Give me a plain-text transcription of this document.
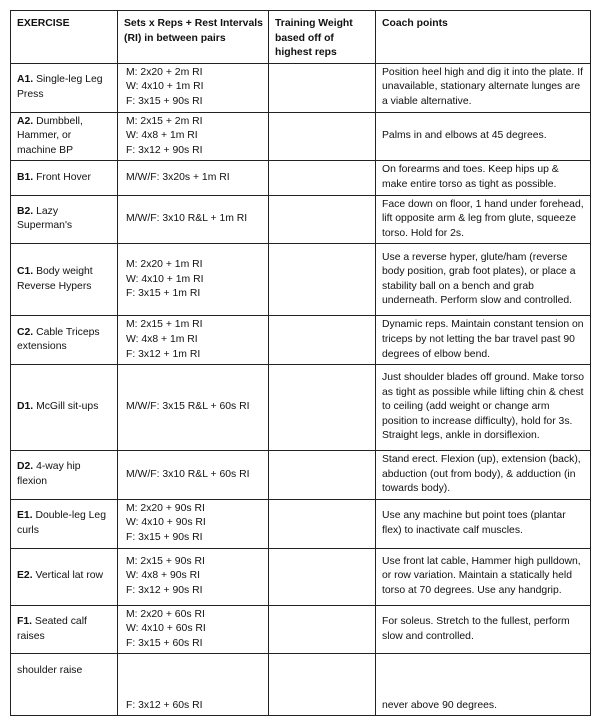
EXERCISE	Sets x Reps + Rest Intervals (RI) in between pairs	Training Weight based off of highest reps	Coach points
A1. Single-leg Leg Press	M: 2x20 + 2m RI
W: 4x10 + 1m RI
F: 3x15 + 90s RI		Position heel high and dig it into the plate. If unavailable, stationary alternate lunges are a viable alternative.
A2. Dumbbell, Hammer, or machine BP	M: 2x15 + 2m RI
W: 4x8 + 1m RI
F: 3x12 + 90s RI		Palms in and elbows at 45 degrees.
B1. Front Hover	M/W/F: 3x20s + 1m RI		On forearms and toes. Keep hips up & make entire torso as tight as possible.
B2. Lazy Superman's	M/W/F: 3x10 R&L + 1m RI		Face down on floor, 1 hand under forehead, lift opposite arm & leg from glute, squeeze torso. Hold for 2s.
C1. Body weight Reverse Hypers	M: 2x20 + 1m RI
W: 4x10 + 1m RI
F: 3x15 + 1m RI		Use a reverse hyper, glute/ham (reverse body position, grab foot plates), or place a stability ball on a bench and grab underneath. Perform slow and controlled.
C2. Cable Triceps extensions	M: 2x15 + 1m RI
W: 4x8 + 1m RI
F: 3x12 + 1m RI		Dynamic reps. Maintain constant tension on triceps by not letting the bar travel past 90 degrees of elbow bend.
D1. McGill sit-ups	M/W/F: 3x15 R&L + 60s RI		Just shoulder blades off ground. Make torso as tight as possible while lifting chin & chest to ceiling (add weight or change arm position to increase difficulty), hold for 3s. Straight legs, ankle in dorsiflexion.
D2. 4-way hip flexion	M/W/F: 3x10 R&L + 60s RI		Stand erect. Flexion (up), extension (back), abduction (out from body), & adduction (in towards body).
E1. Double-leg Leg curls	M: 2x20 + 90s RI
W: 4x10 + 90s RI
F: 3x15 + 90s RI		Use any machine but point toes (plantar flex) to inactivate calf muscles.
E2. Vertical lat row	M: 2x15 + 90s RI
W: 4x8 + 90s RI
F: 3x12 + 90s RI		Use front lat cable, Hammer high pulldown, or row variation. Maintain a statically held torso at 70 degrees. Use any handgrip.
F1. Seated calf raises	M: 2x20 + 60s RI
W: 4x10 + 60s RI
F: 3x15 + 60s RI		For soleus. Stretch to the fullest, perform slow and controlled.
shoulder raise	F: 3x12 + 60s RI		never above 90 degrees.
